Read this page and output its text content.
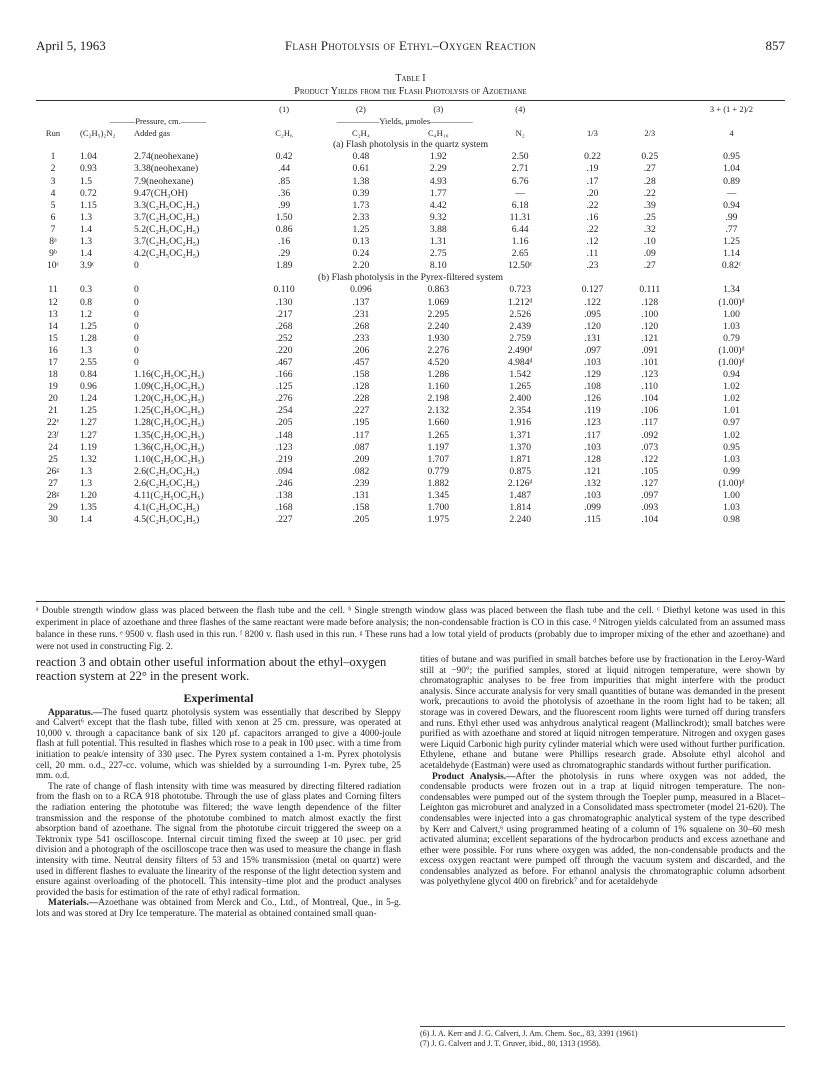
April 5, 1963	Flash Photolysis of Ethyl–Oxygen Reaction	857
Table I
Product Yields from the Flash Photolysis of Azoethane
			(1)	(2)	(3)	(4)			3 + (1 + 2)/2
	———Pressure, cm.———		—————Yields, μmoles—————						
Run	(C₂H₅)₂N₂	Added gas	C₂H₆	C₂H₄	C₄H₁₀	N₂	1/3	2/3	4
(a) Flash photolysis in the quartz system									
1	1.04	2.74(neohexane)	0.42	0.48	1.92	2.50	0.22	0.25	0.95
2	0.93	3.38(neohexane)	.44	0.61	2.29	2.71	.19	.27	1.04
3	1.5	7.9(neohexane)	.85	1.38	4.93	6.76	.17	.28	0.89
4	0.72	9.47(CH₃OH)	.36	0.39	1.77	—	.20	.22	—
5	1.15	3.3(C₂H₅OC₂H₅)	.99	1.73	4.42	6.18	.22	.39	0.94
6	1.3	3.7(C₂H₅OC₂H₅)	1.50	2.33	9.32	11.31	.16	.25	.99
7	1.4	5.2(C₂H₅OC₂H₅)	0.86	1.25	3.88	6.44	.22	.32	.77
8ᵃ	1.3	3.7(C₂H₅OC₂H₅)	.16	0.13	1.31	1.16	.12	.10	1.25
9ᵇ	1.4	4.2(C₂H₅OC₂H₅)	.29	0.24	2.75	2.65	.11	.09	1.14
10ᶜ	3.9ᶜ	0	1.89	2.20	8.10	12.50ᶜ	.23	.27	0.82ᶜ
(b) Flash photolysis in the Pyrex-filtered system									
11	0.3	0	0.110	0.096	0.863	0.723	0.127	0.111	1.34
12	0.8	0	.130	.137	1.069	1.212ᵈ	.122	.128	(1.00)ᵈ
13	1.2	0	.217	.231	2.295	2.526	.095	.100	1.00
14	1.25	0	.268	.268	2.240	2.439	.120	.120	1.03
15	1.28	0	.252	.233	1.930	2.759	.131	.121	0.79
16	1.3	0	.220	.206	2.276	2.490ᵈ	.097	.091	(1.00)ᵈ
17	2.55	0	.467	.457	4.520	4.984ᵈ	.103	.101	(1.00)ᵈ
18	0.84	1.16(C₂H₅OC₂H₅)	.166	.158	1.286	1.542	.129	.123	0.94
19	0.96	1.09(C₂H₅OC₂H₅)	.125	.128	1.160	1.265	.108	.110	1.02
20	1.24	1.20(C₂H₅OC₂H₅)	.276	.228	2.198	2.400	.126	.104	1.02
21	1.25	1.25(C₂H₅OC₂H₅)	.254	.227	2.132	2.354	.119	.106	1.01
22ᵉ	1.27	1.28(C₂H₅OC₂H₅)	.205	.195	1.660	1.916	.123	.117	0.97
23ᶠ	1.27	1.35(C₂H₅OC₂H₅)	.148	.117	1.265	1.371	.117	.092	1.02
24	1.19	1.36(C₂H₅OC₂H₅)	.123	.087	1.197	1.370	.103	.073	0.95
25	1.32	1.10(C₂H₅OC₂H₅)	.219	.209	1.707	1.871	.128	.122	1.03
26ᵍ	1.3	2.6(C₂H₅OC₂H₅)	.094	.082	0.779	0.875	.121	.105	0.99
27	1.3	2.6(C₂H₅OC₂H₅)	.246	.239	1.882	2.126ᵈ	.132	.127	(1.00)ᵈ
28ᵍ	1.20	4.11(C₂H₅OC₂H₅)	.138	.131	1.345	1.487	.103	.097	1.00
29	1.35	4.1(C₂H₅OC₂H₅)	.168	.158	1.700	1.814	.099	.093	1.03
30	1.4	4.5(C₂H₅OC₂H₅)	.227	.205	1.975	2.240	.115	.104	0.98
ᵃ Double strength window glass was placed between the flash tube and the cell. ᵇ Single strength window glass was placed between the flash tube and the cell. ᶜ Diethyl ketone was used in this experiment in place of azoethane and three flashes of the same reactant were made before analysis; the non-condensable fraction is CO in this case. ᵈ Nitrogen yields calculated from an assumed mass balance in these runs. ᵉ 9500 v. flash used in this run. ᶠ 8200 v. flash used in this run. ᵍ These runs had a low total yield of products (probably due to improper mixing of the ether and azoethane) and were not used in constructing Fig. 2.

reaction 3 and obtain other useful information about the ethyl–oxygen reaction system at 22° in the present work.

Experimental

Apparatus.—The fused quartz photolysis system was essentially that described by Sleppy and Calvert⁶ except that the flash tube, filled with xenon at 25 cm. pressure, was operated at 10,000 v. through a capacitance bank of six 120 μf. capacitors arranged to give a 4000-joule flash at full potential. This resulted in flashes which rose to a peak in 100 μsec. with a time from initiation to peak/e intensity of 330 μsec. The Pyrex system contained a 1-m. Pyrex photolysis cell, 20 mm. o.d., 227-cc. volume, which was shielded by a surrounding 1-m. Pyrex tube, 25 mm. o.d.

The rate of change of flash intensity with time was measured by directing filtered radiation from the flash on to a RCA 918 phototube. Through the use of glass plates and Corning filters the radiation entering the phototube was filtered; the wave length dependence of the filter transmission and the response of the phototube combined to match almost exactly the first absorption band of azoethane. The signal from the phototube circuit triggered the sweep on a Tektronix type 541 oscilloscope. Internal circuit timing fixed the sweep at 10 μsec. per grid division and a photograph of the oscilloscope trace then was used to measure the change in flash intensity with time. Neutral density filters of 53 and 15% transmission (metal on quartz) were used in different flashes to evaluate the linearity of the response of the light detection system and ensure against overloading of the photocell. This intensity–time plot and the product analyses provided the basis for estimation of the rate of ethyl radical formation.

Materials.—Azoethane was obtained from Merck and Co., Ltd., of Montreal, Que., in 5-g. lots and was stored at Dry Ice temperature. The material as obtained contained small quan-

tities of butane and was purified in small batches before use by fractionation in the Leroy-Ward still at −90°; the purified samples, stored at liquid nitrogen temperature, were shown by chromatographic analyses to be free from impurities that might interfere with the product analysis. Since accurate analysis for very small quantities of butane was demanded in the present work, precautions to avoid the photolysis of azoethane in the room light had to be taken; all storage was in covered Dewars, and the fluorescent room lights were turned off during transfers and runs. Ethyl ether used was anhydrous analytical reagent (Mallinckrodt); small batches were purified as with azoethane and stored at liquid nitrogen temperature. Nitrogen and oxygen gases were Liquid Carbonic high purity cylinder material which were used without further purification. Ethylene, ethane and butane were Phillips research grade. Absolute ethyl alcohol and acetaldehyde (Eastman) were used as chromatographic standards without further purification.

Product Analysis.—After the photolysis in runs where oxygen was not added, the condensable products were frozen out in a trap at liquid nitrogen temperature. The non-condensables were pumped out of the system through the Toepler pump, measured in a Blacet–Leighton gas microburet and analyzed in a Consolidated mass spectrometer (model 21-620). The condensables were injected into a gas chromatographic analytical system of the type described by Kerr and Calvert,⁶ using programmed heating of a column of 1% squalene on 30–60 mesh activated alumina; excellent separations of the hydrocarbon products and excess azoethane and ether were possible. For runs where oxygen was added, the non-condensable products and the excess oxygen reactant were pumped off through the vacuum system and discarded, and the condensables analyzed as before. For ethanol analysis the chromatographic column adsorbent was polyethylene glycol 400 on firebrick⁷ and for acetaldehyde

(6) J. A. Kerr and J. G. Calvert, J. Am. Chem. Soc., 83, 3391 (1961)
(7) J. G. Calvert and J. T. Gruver, ibid., 80, 1313 (1958).
